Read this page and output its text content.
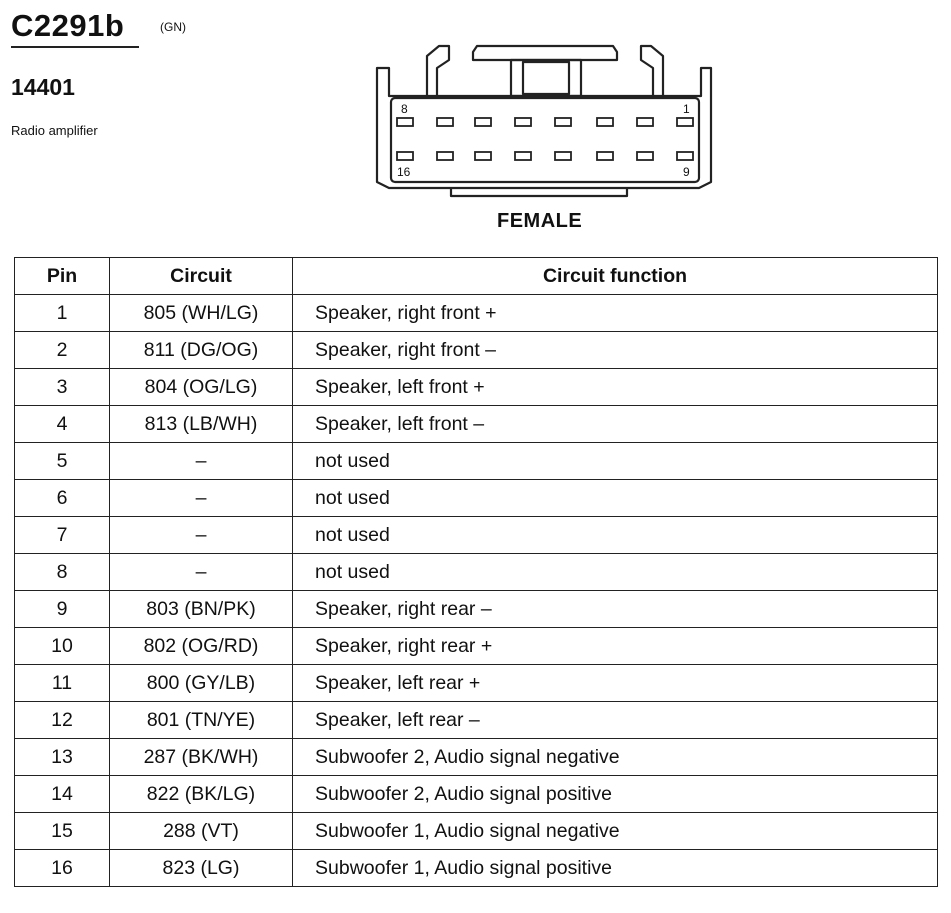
C2291b	(GN)
14401
Radio amplifier
8	1
16	9
FEMALE
Pin	Circuit	Circuit function
1	805 (WH/LG)	Speaker, right front +
2	811 (DG/OG)	Speaker, right front –
3	804 (OG/LG)	Speaker, left front +
4	813 (LB/WH)	Speaker, left front –
5	–	not used
6	–	not used
7	–	not used
8	–	not used
9	803 (BN/PK)	Speaker, right rear –
10	802 (OG/RD)	Speaker, right rear +
11	800 (GY/LB)	Speaker, left rear +
12	801 (TN/YE)	Speaker, left rear –
13	287 (BK/WH)	Subwoofer 2, Audio signal negative
14	822 (BK/LG)	Subwoofer 2, Audio signal positive
15	288 (VT)	Subwoofer 1, Audio signal negative
16	823 (LG)	Subwoofer 1, Audio signal positive
